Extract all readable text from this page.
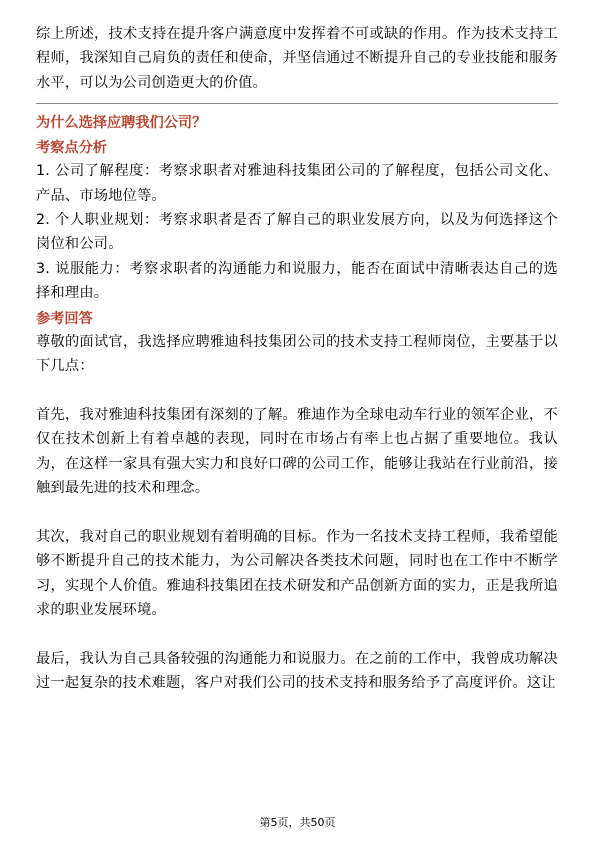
综上所述，技术支持在提升客户满意度中发挥着不可或缺的作用。作为技术支持工程师，我深知自己肩负的责任和使命，并坚信通过不断提升自己的专业技能和服务水平，可以为公司创造更大的价值。

为什么选择应聘我们公司？
考察点分析

1. 公司了解程度：考察求职者对雅迪科技集团公司的了解程度，包括公司文化、产品、市场地位等。

2. 个人职业规划：考察求职者是否了解自己的职业发展方向，以及为何选择这个岗位和公司。

3. 说服能力：考察求职者的沟通能力和说服力，能否在面试中清晰表达自己的选择和理由。

参考回答

尊敬的面试官，我选择应聘雅迪科技集团公司的技术支持工程师岗位，主要基于以下几点：

首先，我对雅迪科技集团有深刻的了解。雅迪作为全球电动车行业的领军企业，不仅在技术创新上有着卓越的表现，同时在市场占有率上也占据了重要地位。我认为，在这样一家具有强大实力和良好口碑的公司工作，能够让我站在行业前沿，接触到最先进的技术和理念。

其次，我对自己的职业规划有着明确的目标。作为一名技术支持工程师，我希望能够不断提升自己的技术能力，为公司解决各类技术问题，同时也在工作中不断学习，实现个人价值。雅迪科技集团在技术研发和产品创新方面的实力，正是我所追求的职业发展环境。

最后，我认为自己具备较强的沟通能力和说服力。在之前的工作中，我曾成功解决过一起复杂的技术难题，客户对我们公司的技术支持和服务给予了高度评价。这让

第5页，共50页
